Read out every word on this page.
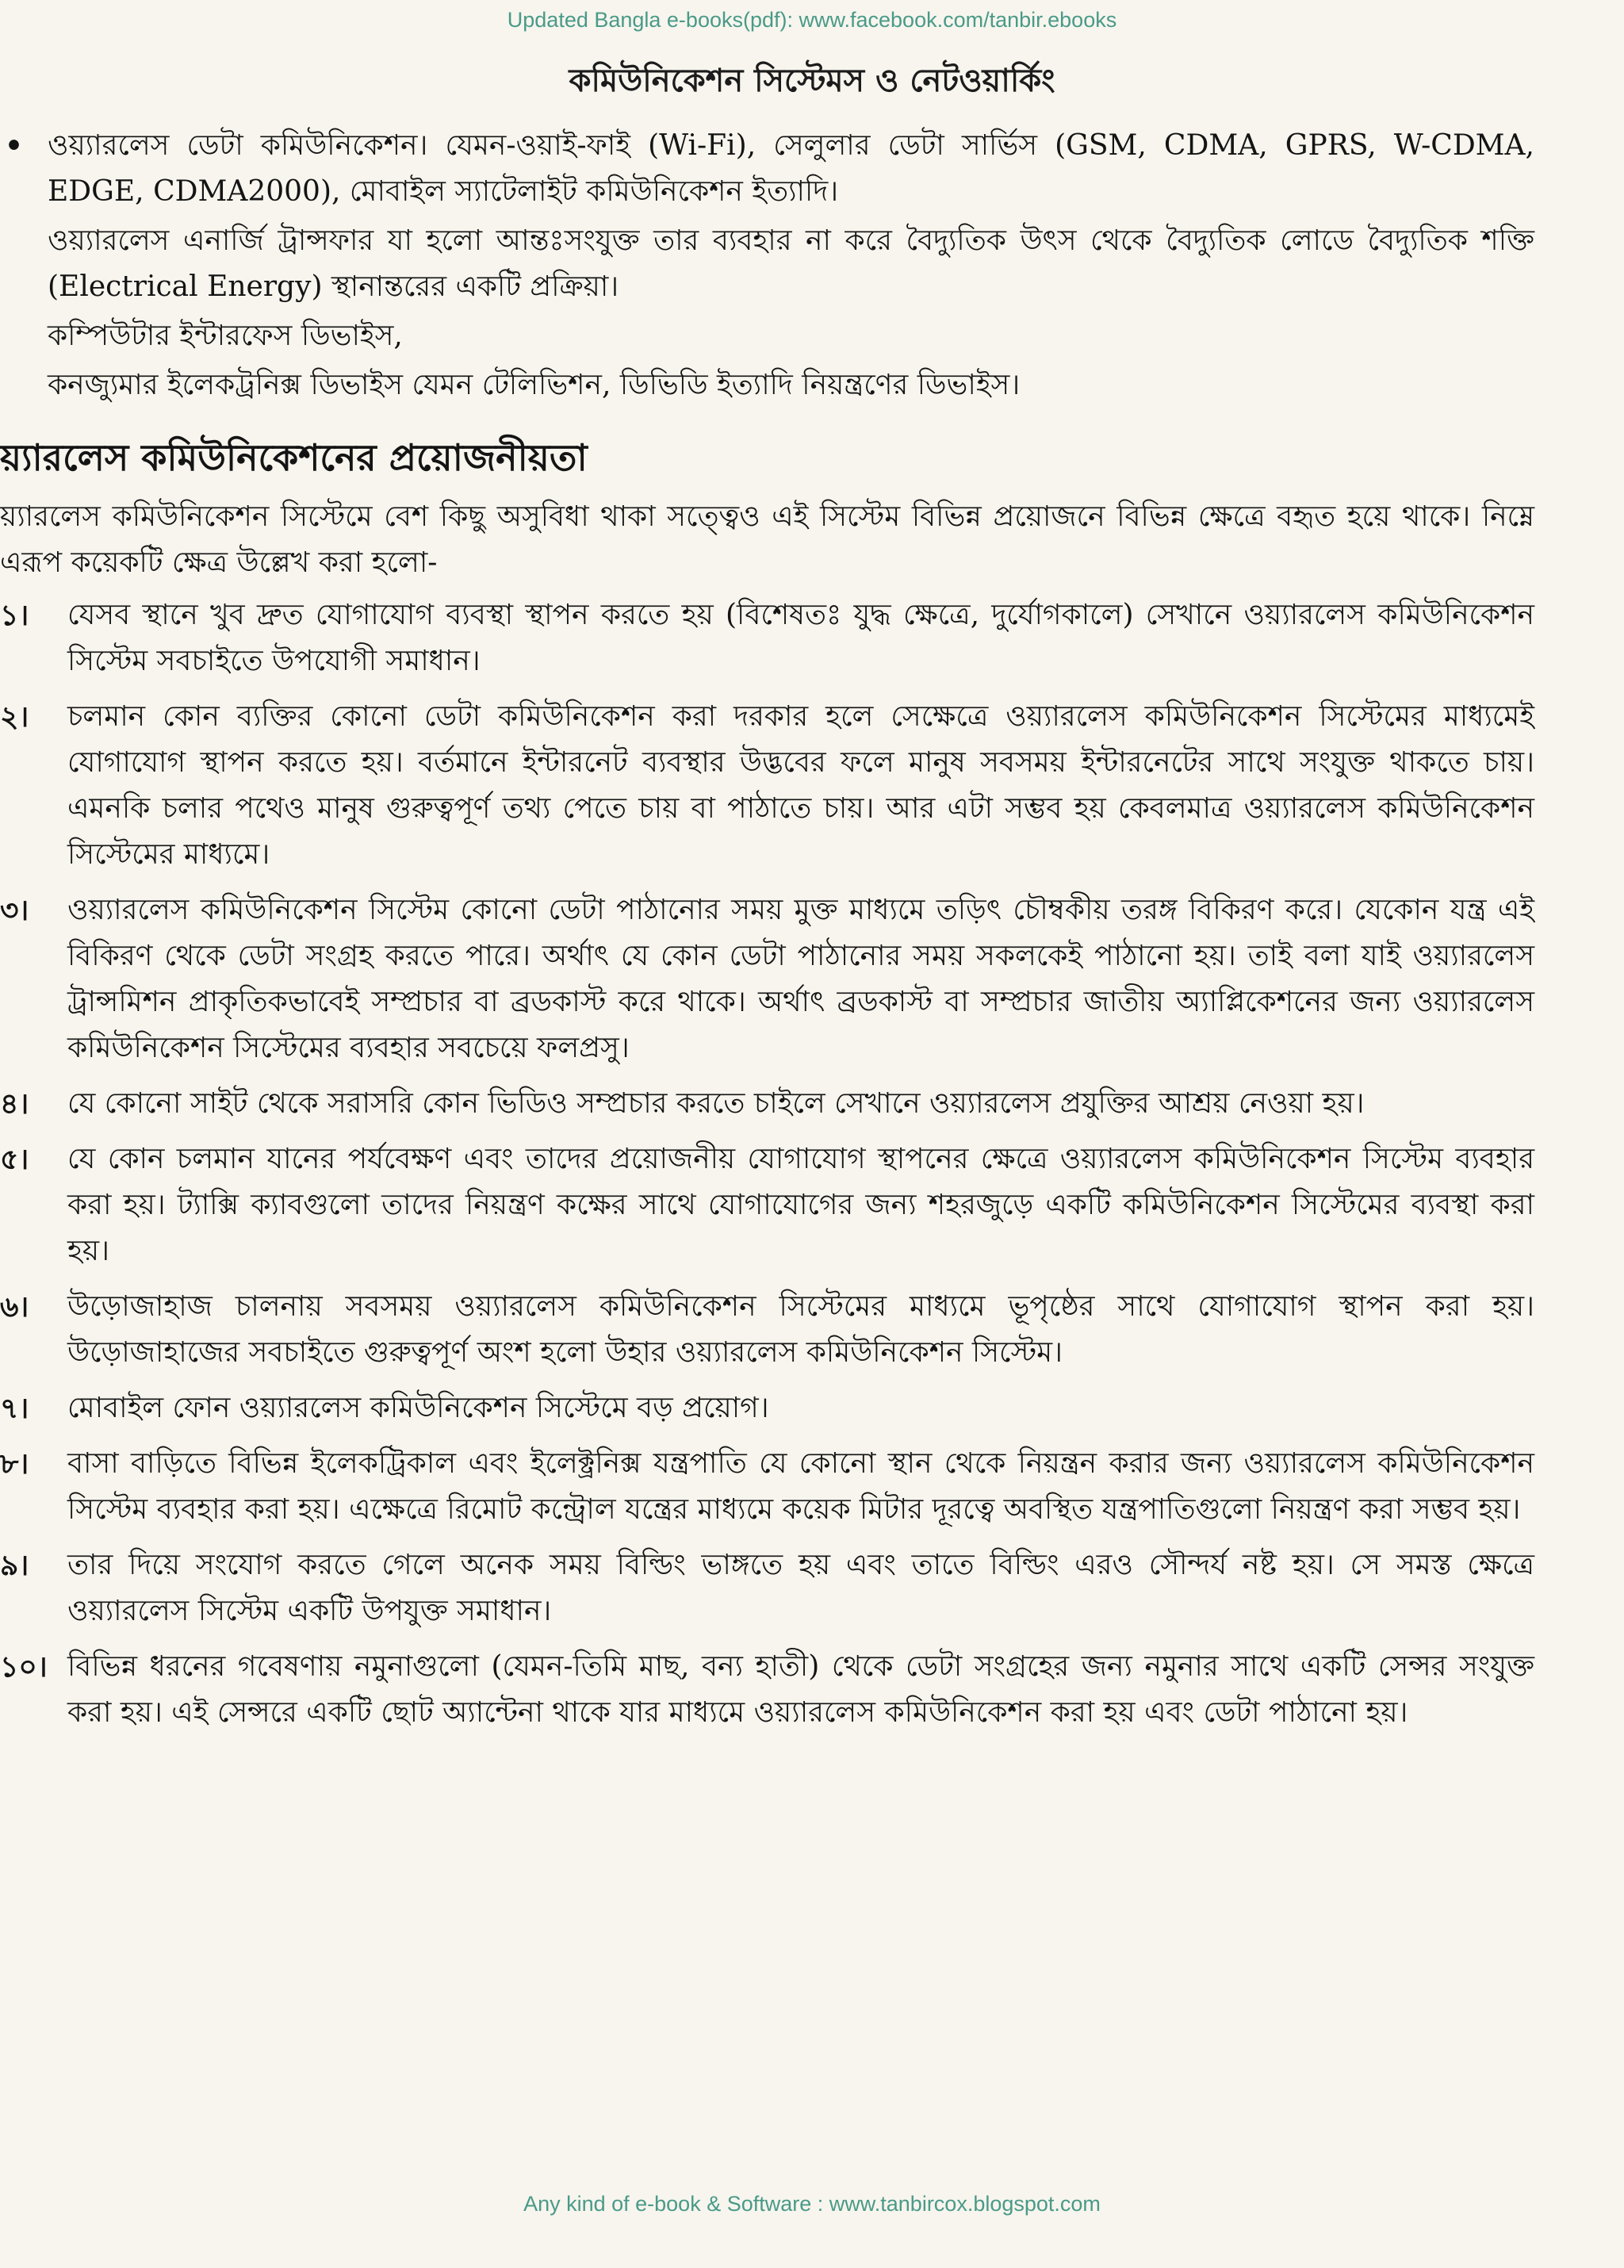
Updated Bangla e-books(pdf): www.facebook.com/tanbir.ebooks
কমিউনিকেশন সিস্টেমস ও নেটওয়ার্কিং
• ওয়্যারলেস ডেটা কমিউনিকেশন। যেমন-ওয়াই-ফাই (Wi-Fi), সেলুলার ডেটা সার্ভিস (GSM, CDMA, GPRS, W-CDMA, EDGE, CDMA2000), মোবাইল স্যাটেলাইট কমিউনিকেশন ইত্যাদি।
ওয়্যারলেস এনার্জি ট্রান্সফার যা হলো আন্তঃসংযুক্ত তার ব্যবহার না করে বৈদ্যুতিক উৎস থেকে বৈদ্যুতিক লোডে বৈদ্যুতিক শক্তি (Electrical Energy) স্থানান্তরের একটি প্রক্রিয়া।
কম্পিউটার ইন্টারফেস ডিভাইস,
কনজ্যুমার ইলেকট্রনিক্স ডিভাইস যেমন টেলিভিশন, ডিভিডি ইত্যাদি নিয়ন্ত্রণের ডিভাইস।
য়্যারলেস কমিউনিকেশনের প্রয়োজনীয়তা
য়্যারলেস কমিউনিকেশন সিস্টেমে বেশ কিছু অসুবিধা থাকা সত্ত্বেও এই সিস্টেম বিভিন্ন প্রয়োজনে বিভিন্ন ক্ষেত্রে বহৃত হয়ে থাকে। নিম্নে এরূপ কয়েকটি ক্ষেত্র উল্লেখ করা হলো-
১।	যেসব স্থানে খুব দ্রুত যোগাযোগ ব্যবস্থা স্থাপন করতে হয় (বিশেষতঃ যুদ্ধ ক্ষেত্রে, দুর্যোগকালে) সেখানে ওয়্যারলেস কমিউনিকেশন সিস্টেম সবচাইতে উপযোগী সমাধান।
২।	চলমান কোন ব্যক্তির কোনো ডেটা কমিউনিকেশন করা দরকার হলে সেক্ষেত্রে ওয়্যারলেস কমিউনিকেশন সিস্টেমের মাধ্যমেই যোগাযোগ স্থাপন করতে হয়। বর্তমানে ইন্টারনেট ব্যবস্থার উদ্ভবের ফলে মানুষ সবসময় ইন্টারনেটের সাথে সংযুক্ত থাকতে চায়। এমনকি চলার পথেও মানুষ গুরুত্বপূর্ণ তথ্য পেতে চায় বা পাঠাতে চায়। আর এটা সম্ভব হয় কেবলমাত্র ওয়্যারলেস কমিউনিকেশন সিস্টেমের মাধ্যমে।
৩।	ওয়্যারলেস কমিউনিকেশন সিস্টেম কোনো ডেটা পাঠানোর সময় মুক্ত মাধ্যমে তড়িৎ চৌম্বকীয় তরঙ্গ বিকিরণ করে। যেকোন যন্ত্র এই বিকিরণ থেকে ডেটা সংগ্রহ করতে পারে। অর্থাৎ যে কোন ডেটা পাঠানোর সময় সকলকেই পাঠানো হয়। তাই বলা যাই ওয়্যারলেস ট্রান্সমিশন প্রাকৃতিকভাবেই সম্প্রচার বা ব্রডকাস্ট করে থাকে। অর্থাৎ ব্রডকাস্ট বা সম্প্রচার জাতীয় অ্যাপ্লিকেশনের জন্য ওয়্যারলেস কমিউনিকেশন সিস্টেমের ব্যবহার সবচেয়ে ফলপ্রসু।
৪।	যে কোনো সাইট থেকে সরাসরি কোন ভিডিও সম্প্রচার করতে চাইলে সেখানে ওয়্যারলেস প্রযুক্তির আশ্রয় নেওয়া হয়।
৫।	যে কোন চলমান যানের পর্যবেক্ষণ এবং তাদের প্রয়োজনীয় যোগাযোগ স্থাপনের ক্ষেত্রে ওয়্যারলেস কমিউনিকেশন সিস্টেম ব্যবহার করা হয়। ট্যাক্সি ক্যাবগুলো তাদের নিয়ন্ত্রণ কক্ষের সাথে যোগাযোগের জন্য শহরজুড়ে একটি কমিউনিকেশন সিস্টেমের ব্যবস্থা করা হয়।
৬।	উড়োজাহাজ চালনায় সবসময় ওয়্যারলেস কমিউনিকেশন সিস্টেমের মাধ্যমে ভূপৃষ্ঠের সাথে যোগাযোগ স্থাপন করা হয়। উড়োজাহাজের সবচাইতে গুরুত্বপূর্ণ অংশ হলো উহার ওয়্যারলেস কমিউনিকেশন সিস্টেম।
৭।	মোবাইল ফোন ওয়্যারলেস কমিউনিকেশন সিস্টেমে বড় প্রয়োগ।
৮।	বাসা বাড়িতে বিভিন্ন ইলেকট্রিকাল এবং ইলেক্ট্রনিক্স যন্ত্রপাতি যে কোনো স্থান থেকে নিয়ন্ত্রন করার জন্য ওয়্যারলেস কমিউনিকেশন সিস্টেম ব্যবহার করা হয়। এক্ষেত্রে রিমোট কন্ট্রোল যন্ত্রের মাধ্যমে কয়েক মিটার দূরত্বে অবস্থিত যন্ত্রপাতিগুলো নিয়ন্ত্রণ করা সম্ভব হয়।
৯।	তার দিয়ে সংযোগ করতে গেলে অনেক সময় বিল্ডিং ভাঙ্গতে হয় এবং তাতে বিল্ডিং এরও সৌন্দর্য নষ্ট হয়। সে সমস্ত ক্ষেত্রে ওয়্যারলেস সিস্টেম একটি উপযুক্ত সমাধান।
১০। বিভিন্ন ধরনের গবেষণায় নমুনাগুলো (যেমন-তিমি মাছ, বন্য হাতী) থেকে ডেটা সংগ্রহের জন্য নমুনার সাথে একটি সেন্সর সংযুক্ত করা হয়। এই সেন্সরে একটি ছোট অ্যান্টেনা থাকে যার মাধ্যমে ওয়্যারলেস কমিউনিকেশন করা হয় এবং ডেটা পাঠানো হয়।
Any kind of e-book & Software : www.tanbircox.blogspot.com
